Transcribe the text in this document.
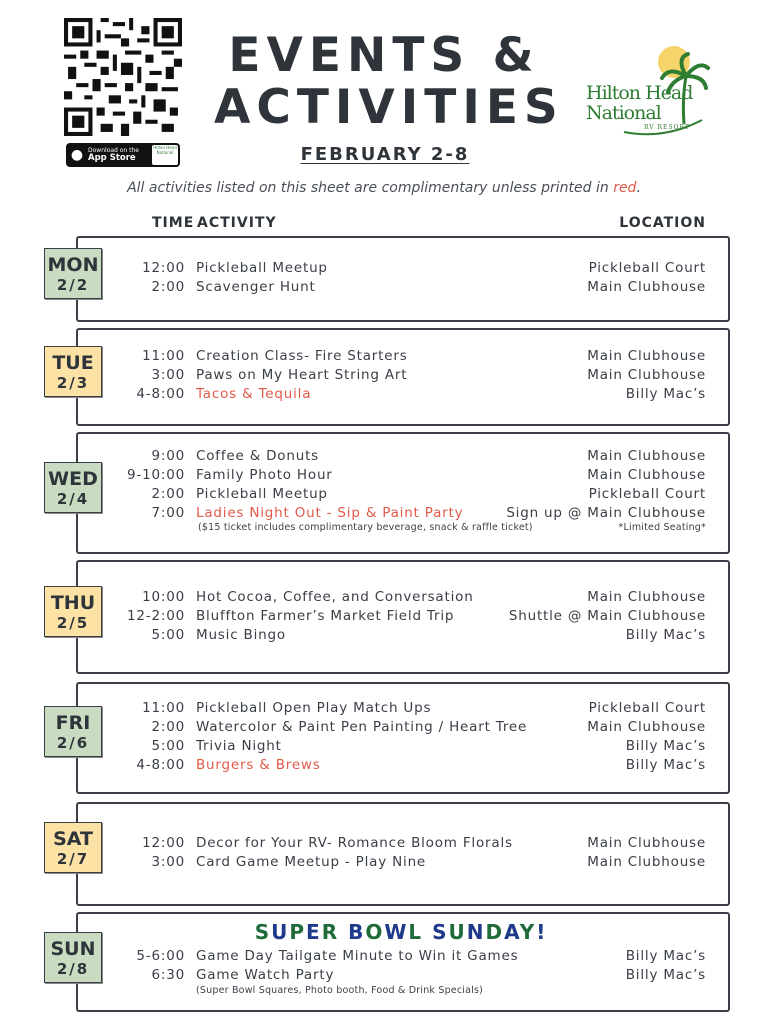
● Download on the
App Store
Hilton Head National
EVENTS &
ACTIVITIES
FEBRUARY 2-8
Hilton Head
National
RV RESORT
All activities listed on this sheet are complimentary unless printed in red.
TIME ACTIVITY	LOCATION
MON
2/2
12:00 Pickleball Meetup	Pickleball Court
2:00 Scavenger Hunt	Main Clubhouse
TUE
2/3
11:00 Creation Class- Fire Starters	Main Clubhouse
3:00 Paws on My Heart String Art	Main Clubhouse
4-8:00 Tacos & Tequila	Billy Mac’s
WED
2/4
9:00 Coffee & Donuts	Main Clubhouse
9-10:00 Family Photo Hour	Main Clubhouse
2:00 Pickleball Meetup	Pickleball Court
7:00 Ladies Night Out - Sip & Paint Party	Sign up @ Main Clubhouse
($15 ticket includes complimentary beverage, snack & raffle ticket)	*Limited Seating*
THU
2/5
10:00 Hot Cocoa, Coffee, and Conversation	Main Clubhouse
12-2:00 Bluffton Farmer’s Market Field Trip	Shuttle @ Main Clubhouse
5:00 Music Bingo	Billy Mac’s
FRI
2/6
11:00 Pickleball Open Play Match Ups	Pickleball Court
2:00 Watercolor & Paint Pen Painting / Heart Tree	Main Clubhouse
5:00 Trivia Night	Billy Mac’s
4-8:00 Burgers & Brews	Billy Mac’s
SAT
2/7
12:00 Decor for Your RV- Romance Bloom Florals	Main Clubhouse
3:00 Card Game Meetup - Play Nine	Main Clubhouse
SUN
2/8
SUPER BOWL SUNDAY!
5-6:00 Game Day Tailgate Minute to Win it Games	Billy Mac’s
6:30 Game Watch Party	Billy Mac’s
(Super Bowl Squares, Photo booth, Food & Drink Specials)
